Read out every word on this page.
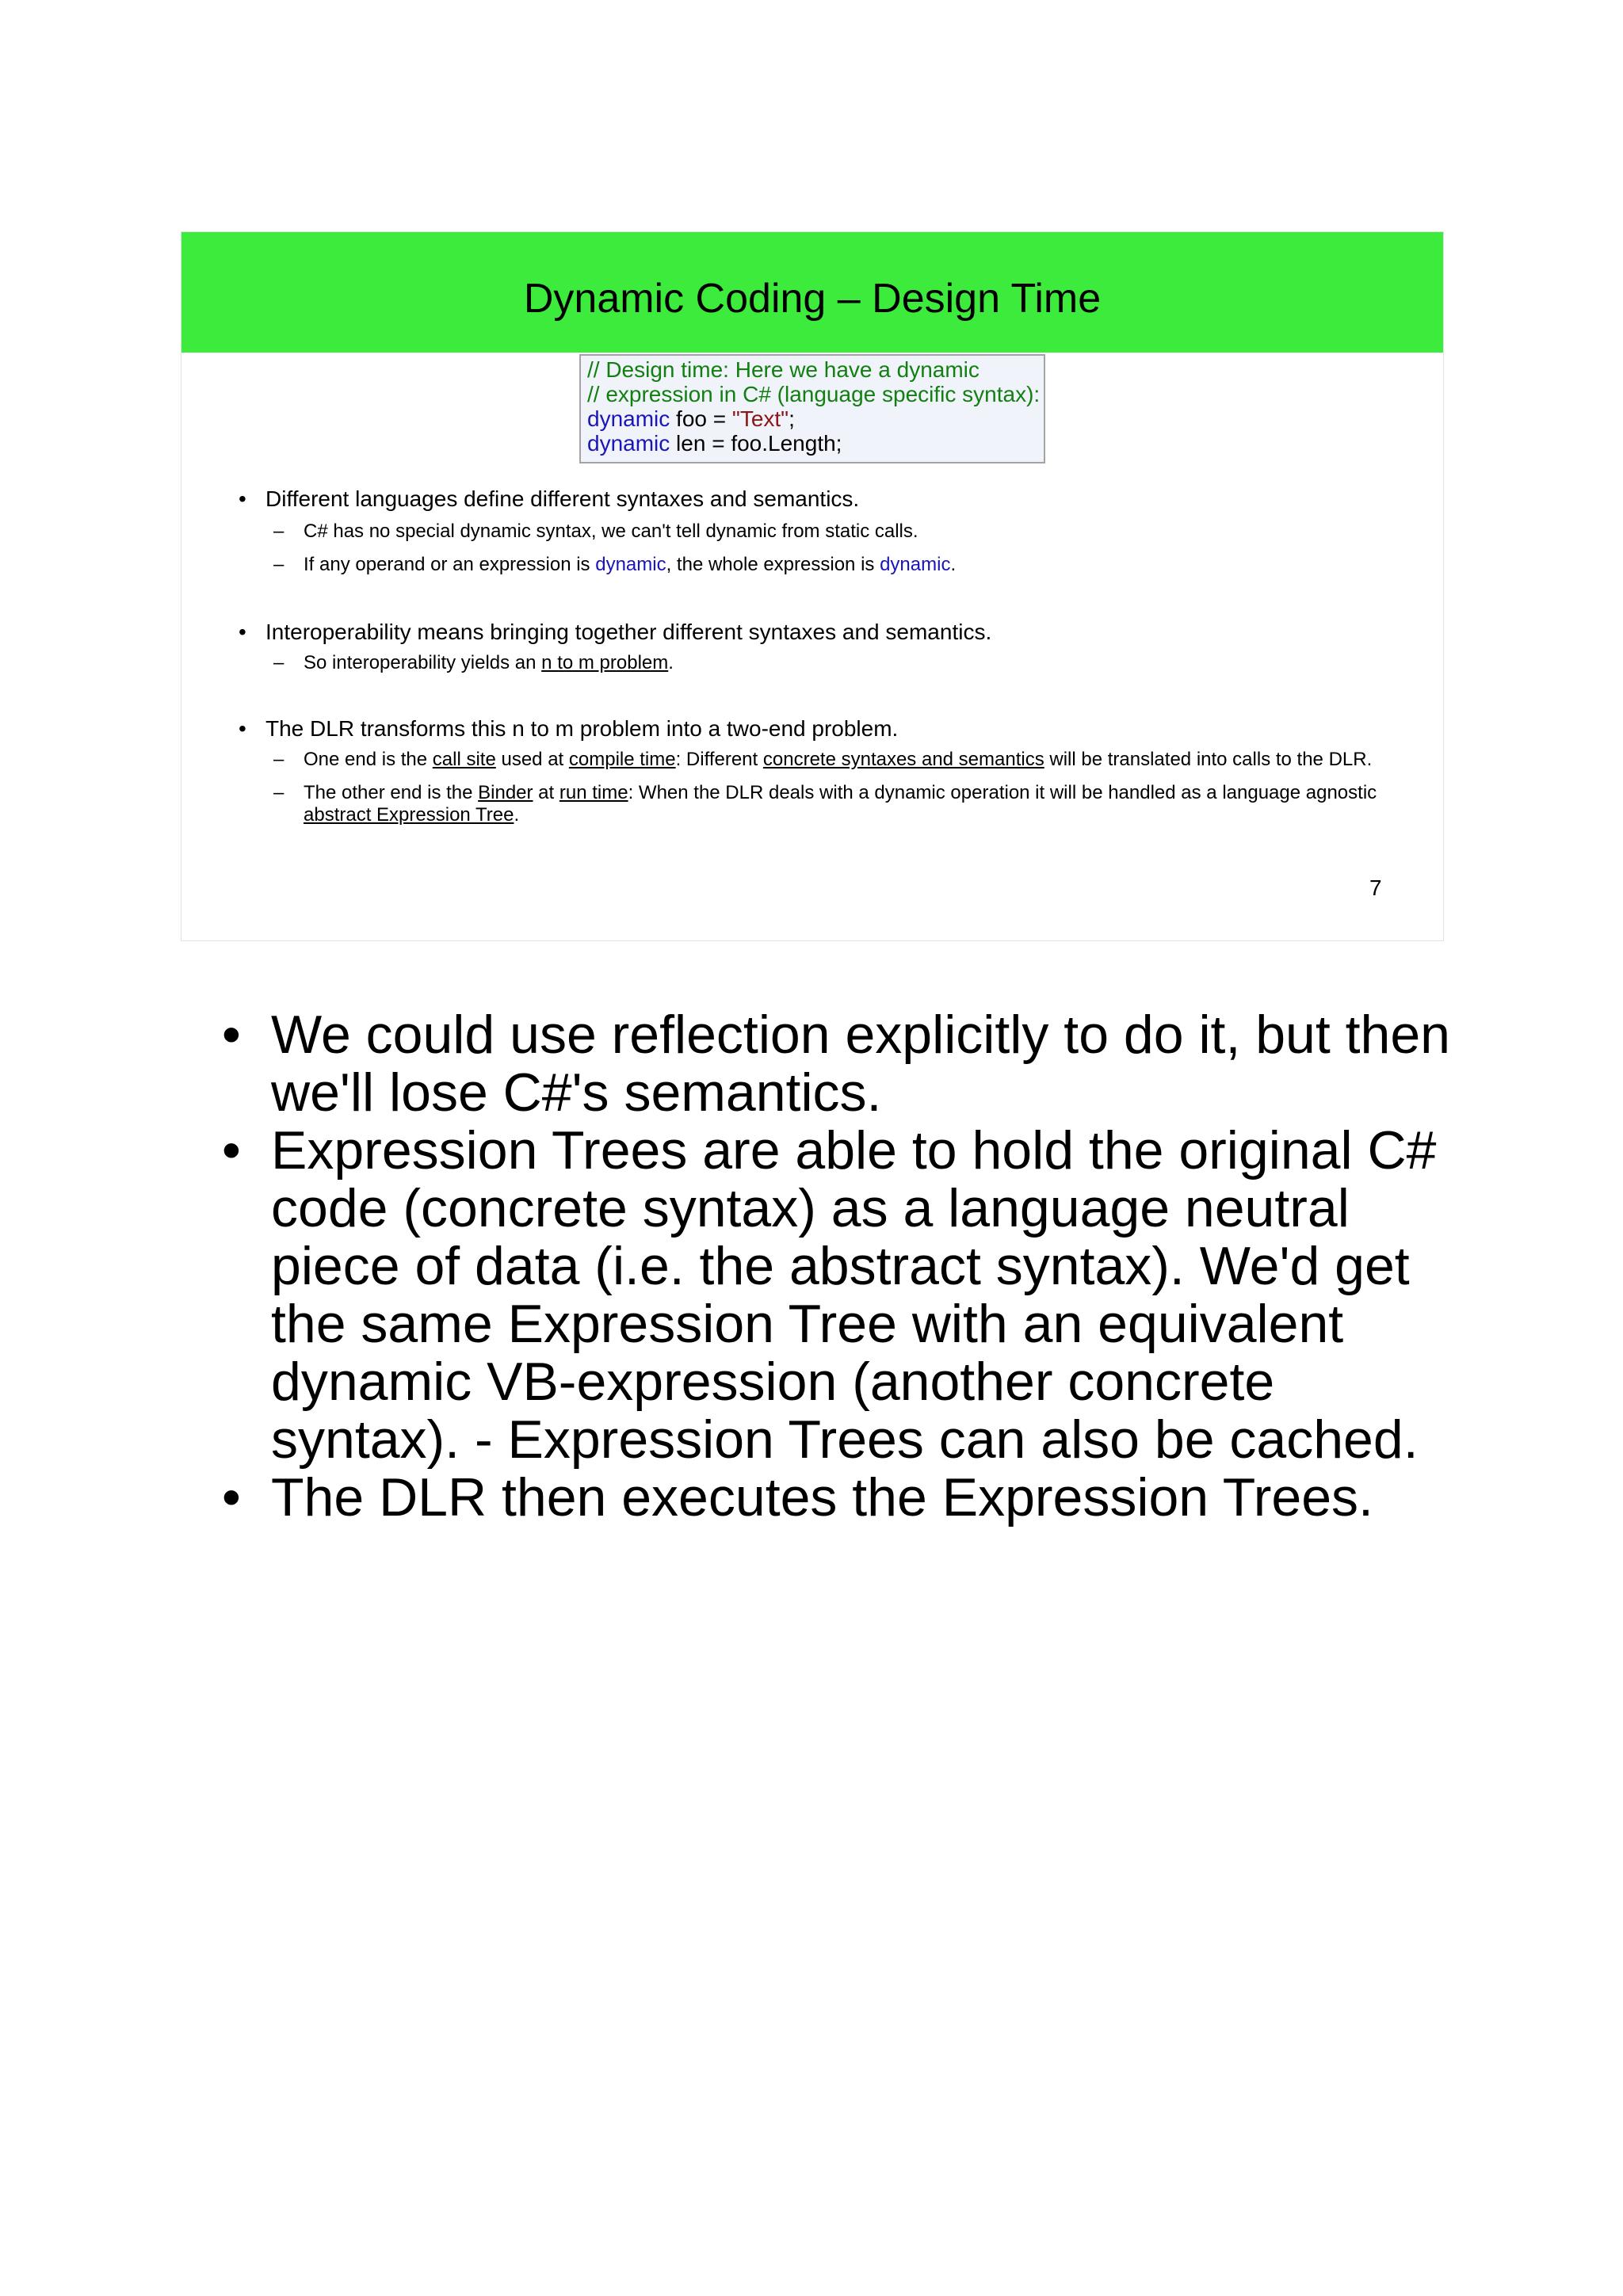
Dynamic Coding – Design Time
// Design time: Here we have a dynamic
// expression in C# (language specific syntax):
dynamic foo = "Text";
dynamic len = foo.Length;

• Different languages define different syntaxes and semantics.

– C# has no special dynamic syntax, we can't tell dynamic from static calls.

– If any operand or an expression is dynamic, the whole expression is dynamic.

• Interoperability means bringing together different syntaxes and semantics.

– So interoperability yields an n to m problem.

• The DLR transforms this n to m problem into a two-end problem.

– One end is the call site used at compile time: Different concrete syntaxes and semantics will be translated into calls to the DLR.

– The other end is the Binder at run time: When the DLR deals with a dynamic operation it will be handled as a language agnostic abstract Expression Tree.

7

• We could use reflection explicitly to do it, but then we'll lose C#'s semantics.

• Expression Trees are able to hold the original C# code (concrete syntax) as a language neutral piece of data (i.e. the abstract syntax). We'd get the same Expression Tree with an equivalent dynamic VB-expression (another concrete syntax). - Expression Trees can also be cached.

• The DLR then executes the Expression Trees.
